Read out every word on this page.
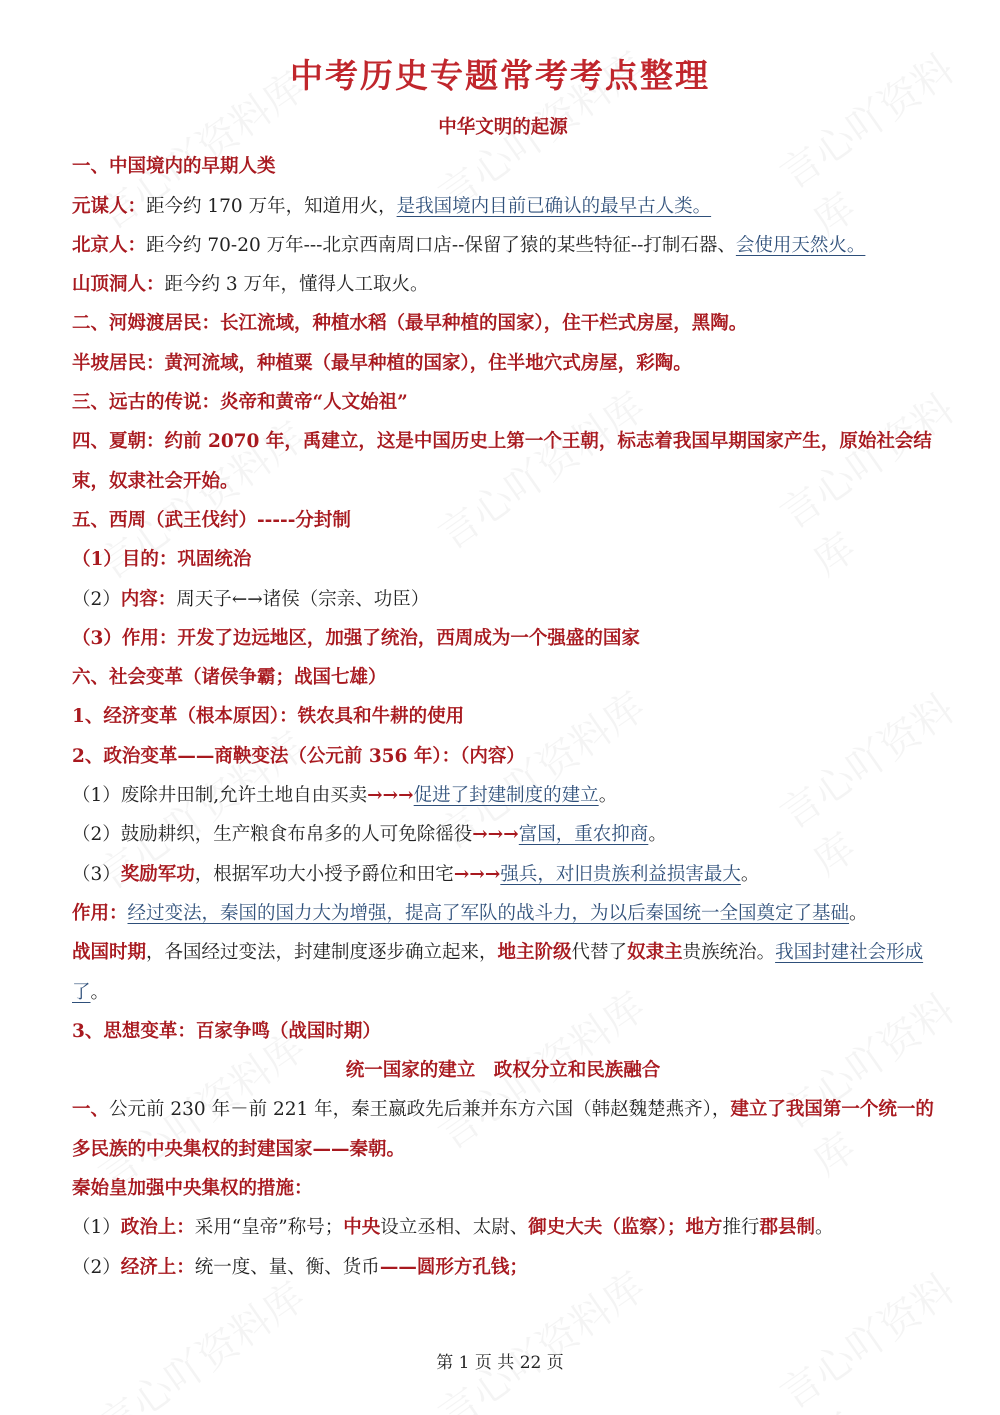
中考历史专题常考考点整理
中华文明的起源
一、中国境内的早期人类
元谋人：距今约 170 万年，知道用火，是我国境内目前已确认的最早古人类。
北京人：距今约 70-20 万年---北京西南周口店--保留了猿的某些特征--打制石器、会使用天然火。
山顶洞人：距今约 3 万年，懂得人工取火。
二、河姆渡居民：长江流域，种植水稻（最早种植的国家），住干栏式房屋，黑陶。
半坡居民：黄河流域，种植粟（最早种植的国家），住半地穴式房屋，彩陶。
三、远古的传说：炎帝和黄帝“人文始祖”
四、夏朝：约前 2070 年，禹建立，这是中国历史上第一个王朝，标志着我国早期国家产生，原始社会结束，奴隶社会开始。
五、西周（武王伐纣）-----分封制
（1）目的：巩固统治
（2）内容：周天子←→诸侯（宗亲、功臣）
（3）作用：开发了边远地区，加强了统治，西周成为一个强盛的国家
六、社会变革（诸侯争霸；战国七雄）
1、经济变革（根本原因）：铁农具和牛耕的使用
2、政治变革——商鞅变法（公元前 356 年）：（内容）
（1）废除井田制,允许土地自由买卖→→→促进了封建制度的建立。
（2）鼓励耕织，生产粮食布帛多的人可免除徭役→→→富国，重农抑商。
（3）奖励军功，根据军功大小授予爵位和田宅→→→强兵，对旧贵族利益损害最大。
作用：经过变法，秦国的国力大为增强，提高了军队的战斗力，为以后秦国统一全国奠定了基础。
战国时期，各国经过变法，封建制度逐步确立起来，地主阶级代替了奴隶主贵族统治。我国封建社会形成了。
3、思想变革：百家争鸣（战国时期）
统一国家的建立　政权分立和民族融合
一、公元前 230 年－前 221 年，秦王嬴政先后兼并东方六国（韩赵魏楚燕齐），建立了我国第一个统一的多民族的中央集权的封建国家——秦朝。
秦始皇加强中央集权的措施：
（1）政治上：采用“皇帝”称号；中央设立丞相、太尉、御史大夫（监察）；地方推行郡县制。
（2）经济上：统一度、量、衡、货币——圆形方孔钱；
第 1 页 共 22 页
